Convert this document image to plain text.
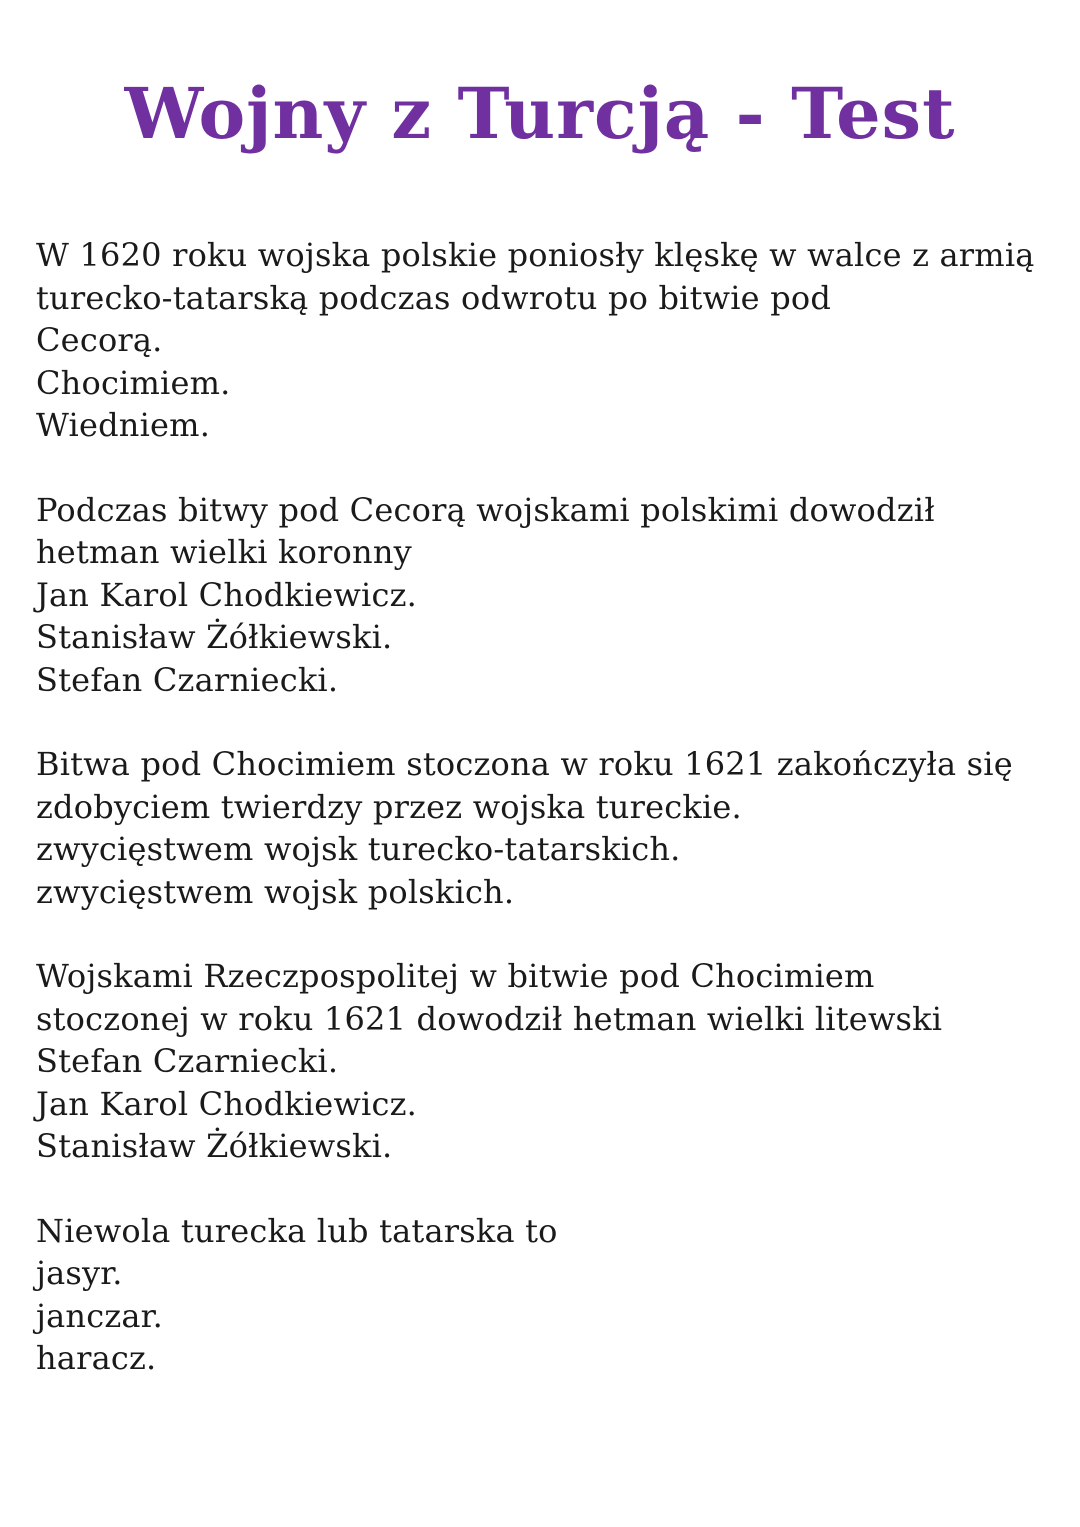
Wojny z Turcją - Test
W 1620 roku wojska polskie poniosły klęskę w walce z armią turecko-tatarską podczas odwrotu po bitwie pod
Cecorą.
Chocimiem.
Wiedniem.
Podczas bitwy pod Cecorą wojskami polskimi dowodził hetman wielki koronny
Jan Karol Chodkiewicz.
Stanisław Żółkiewski.
Stefan Czarniecki.
Bitwa pod Chocimiem stoczona w roku 1621 zakończyła się
zdobyciem twierdzy przez wojska tureckie.
zwycięstwem wojsk turecko-tatarskich.
zwycięstwem wojsk polskich.
Wojskami Rzeczpospolitej w bitwie pod Chocimiem stoczonej w roku 1621 dowodził hetman wielki litewski
Stefan Czarniecki.
Jan Karol Chodkiewicz.
Stanisław Żółkiewski.
Niewola turecka lub tatarska to
jasyr.
janczar.
haracz.
